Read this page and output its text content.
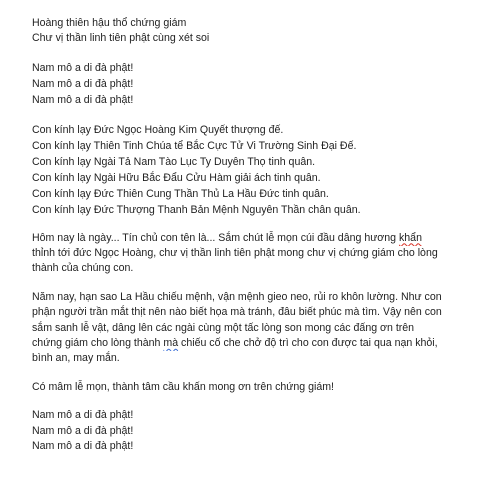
Hoàng thiên hậu thổ chứng giám
Chư vị thần linh tiên phật cùng xét soi
Nam mô a di đà phật!
Nam mô a di đà phật!
Nam mô a di đà phật!
Con kính lạy Đức Ngọc Hoàng Kim Quyết thượng đế.
Con kính lạy Thiên Tinh Chúa tể Bắc Cực Tử Vi Trường Sinh Đại Đế.
Con kính lạy Ngài Tả Nam Tào Lục Ty Duyên Thọ tinh quân.
Con kính lạy Ngài Hữu Bắc Đẩu Cửu Hàm giải ách tinh quân.
Con kính lạy Đức Thiên Cung Thần Thủ La Hầu Đức tinh quân.
Con kính lạy Đức Thượng Thanh Bản Mệnh Nguyên Thần chân quân.
Hôm nay là ngày... Tín chủ con tên là... Sắm chút lễ mọn cúi đầu dâng hương khẩn
thỉnh tới đức Ngọc Hoàng, chư vị thần linh tiên phật mong chư vị chứng giám cho lòng
thành của chúng con.
Năm nay, hạn sao La Hầu chiếu mệnh, vận mệnh gieo neo, rủi ro khôn lường. Như con
phận người trần mắt thịt nên nào biết họa mà tránh, đâu biết phúc mà tìm. Vậy nên con
sắm sanh lễ vật, dâng lên các ngài cùng một tấc lòng son mong các đấng ơn trên
chứng giám cho lòng thành mà chiếu cố che chở độ trì cho con được tai qua nạn khỏi,
bình an, may mắn.
Có mâm lễ mọn, thành tâm cầu khấn mong ơn trên chứng giám!
Nam mô a di đà phật!
Nam mô a di đà phật!
Nam mô a di đà phật!
